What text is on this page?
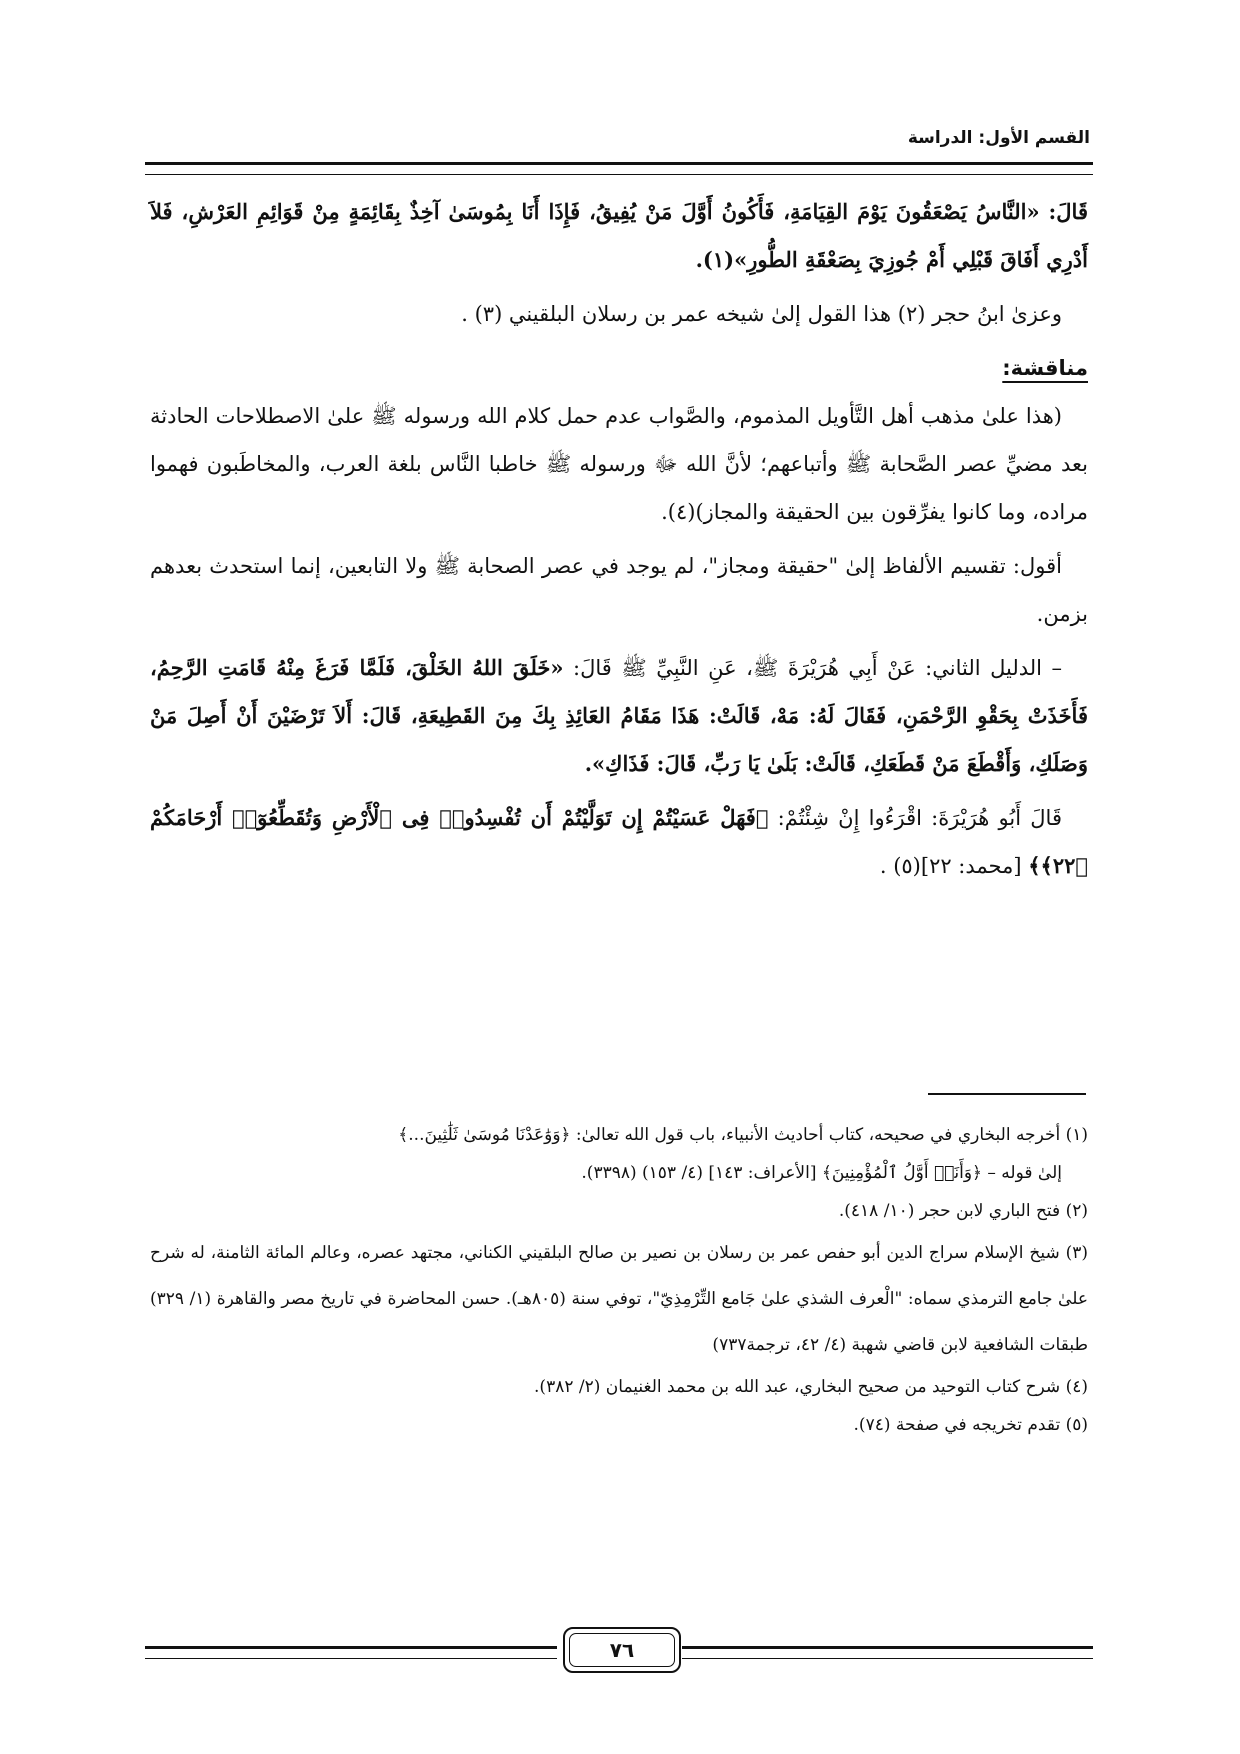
القسم الأول: الدراسة

قَالَ: «النَّاسُ يَصْعَقُونَ يَوْمَ القِيَامَةِ، فَأَكُونُ أَوَّلَ مَنْ يُفِيقُ، فَإِذَا أَنَا بِمُوسَىٰ آخِذٌ بِقَائِمَةٍ مِنْ قَوَائِمِ العَرْشِ، فَلاَ أَدْرِي أَفَاقَ قَبْلِي أَمْ جُوزِيَ بِصَعْقَةِ الطُّورِ»(١).

وعزىٰ ابنُ حجر (٢) هذا القول إلىٰ شيخه عمر بن رسلان البلقيني (٣) .

مناقشة:

(هذا علىٰ مذهب أهل التَّأويل المذموم، والصَّواب عدم حمل كلام الله ورسوله ﷺ علىٰ الاصطلاحات الحادثة بعد مضيِّ عصر الصَّحابة ﷺ وأتباعهم؛ لأنَّ الله ﷻ ورسوله ﷺ خاطبا النَّاس بلغة العرب، والمخاطَبون فهموا مراده، وما كانوا يفرِّقون بين الحقيقة والمجاز)(٤).

أقول: تقسيم الألفاظ إلىٰ "حقيقة ومجاز"، لم يوجد في عصر الصحابة ﷺ ولا التابعين، إنما استحدث بعدهم بزمن.

– الدليل الثاني: عَنْ أَبِي هُرَيْرَةَ ﷺ، عَنِ النَّبِيِّ ﷺ قَالَ: «خَلَقَ اللهُ الخَلْقَ، فَلَمَّا فَرَغَ مِنْهُ قَامَتِ الرَّحِمُ، فَأَخَذَتْ بِحَقْوِ الرَّحْمَنِ، فَقَالَ لَهُ: مَهْ، قَالَتْ: هَذَا مَقَامُ العَائِذِ بِكَ مِنَ القَطِيعَةِ، قَالَ: أَلاَ تَرْضَيْنَ أَنْ أَصِلَ مَنْ وَصَلَكِ، وَأَقْطَعَ مَنْ قَطَعَكِ، قَالَتْ: بَلَىٰ يَا رَبِّ، قَالَ: فَذَاكِ».

قَالَ أَبُو هُرَيْرَةَ: اقْرَءُوا إِنْ شِئْتُمْ: ﴿فَهَلْ عَسَيْتُمْ إِن تَوَلَّيْتُمْ أَن تُفْسِدُوا۟ فِى ٱلْأَرْضِ وَتُقَطِّعُوٓا۟ أَرْحَامَكُمْ ﴿٢٢﴾﴾ [محمد: ٢٢](٥) .

(١) أخرجه البخاري في صحيحه، كتاب أحاديث الأنبياء، باب قول الله تعالىٰ: ﴿وَوَٰعَدْنَا مُوسَىٰ ثَلَٰثِينَ...﴾

إلىٰ قوله – ﴿وَأَنَا۠ أَوَّلُ ٱلْمُؤْمِنِينَ﴾ [الأعراف: ١٤٣] (٤/ ١٥٣) (٣٣٩٨).

(٢) فتح الباري لابن حجر (١٠/ ٤١٨).

(٣) شيخ الإسلام سراج الدين أبو حفص عمر بن رسلان بن نصير بن صالح البلقيني الكناني، مجتهد عصره، وعالم المائة الثامنة، له شرح علىٰ جامع الترمذي سماه: "الْعرف الشذي علىٰ جَامع التِّرْمِذِيّ"، توفي سنة (٨٠٥هـ). حسن المحاضرة في تاريخ مصر والقاهرة (١/ ٣٢٩) طبقات الشافعية لابن قاضي شهبة (٤/ ٤٢، ترجمة٧٣٧)

(٤) شرح كتاب التوحيد من صحيح البخاري، عبد الله بن محمد الغنيمان (٢/ ٣٨٢).

(٥) تقدم تخريجه في صفحة (٧٤).

٧٦
